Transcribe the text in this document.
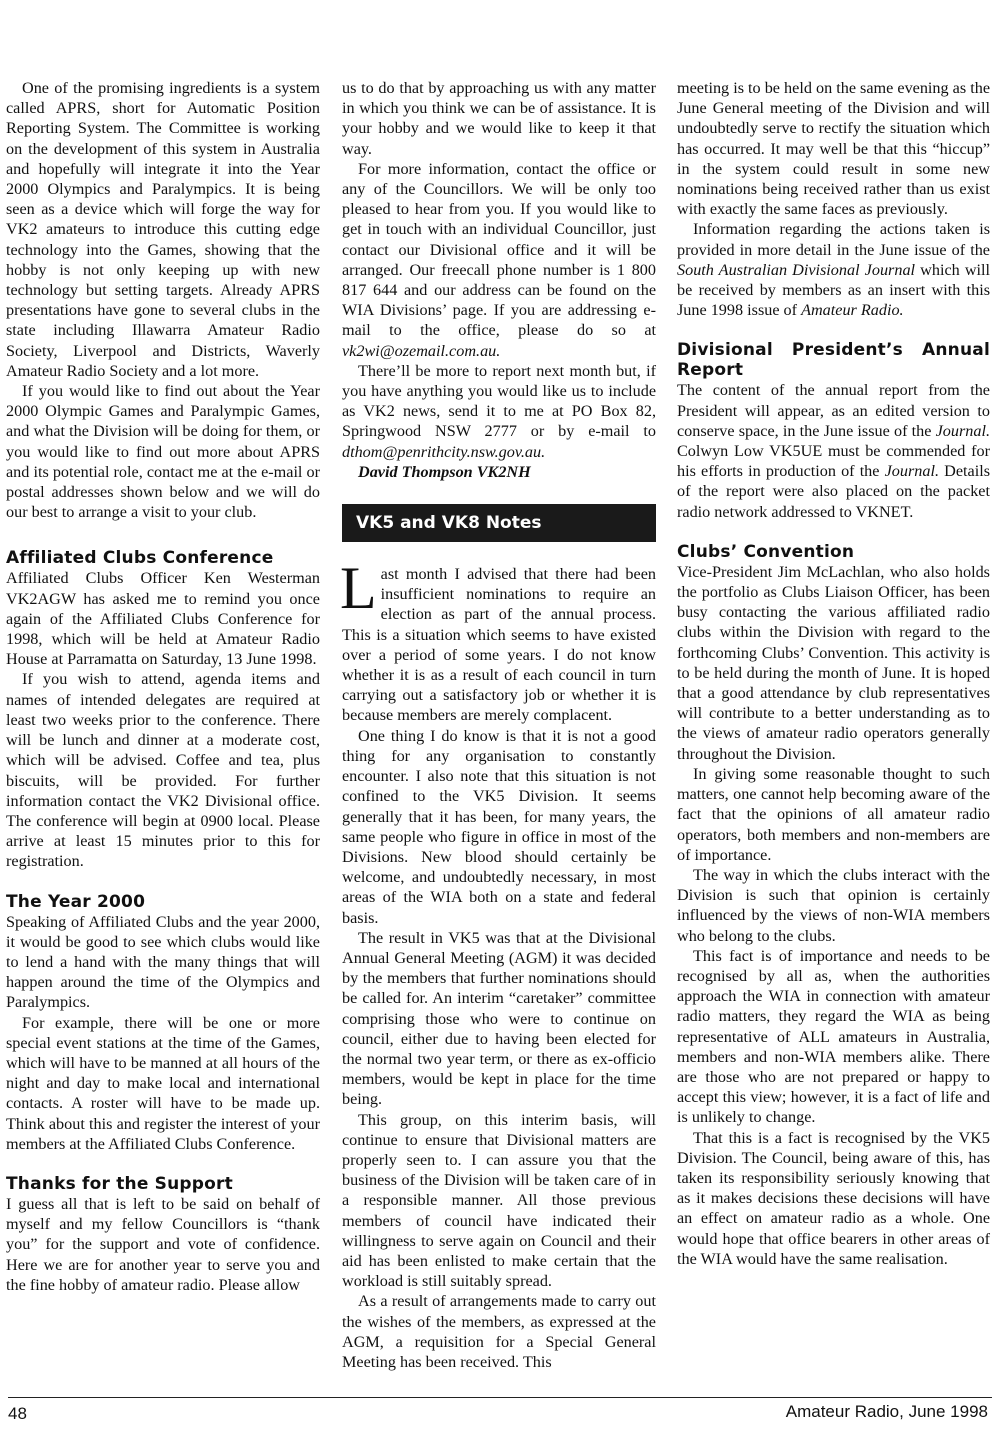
One of the promising ingredients is a system called APRS, short for Automatic Position Reporting System. The Committee is working on the development of this system in Australia and hopefully will integrate it into the Year 2000 Olympics and Paralympics. It is being seen as a device which will forge the way for VK2 amateurs to introduce this cutting edge technology into the Games, showing that the hobby is not only keeping up with new technology but setting targets. Already APRS presentations have gone to several clubs in the state including Illawarra Amateur Radio Society, Liverpool and Districts, Waverly Amateur Radio Society and a lot more.

If you would like to find out about the Year 2000 Olympic Games and Paralympic Games, and what the Division will be doing for them, or you would like to find out more about APRS and its potential role, contact me at the e-mail or postal addresses shown below and we will do our best to arrange a visit to your club.

Affiliated Clubs Conference

Affiliated Clubs Officer Ken Westerman VK2AGW has asked me to remind you once again of the Affiliated Clubs Conference for 1998, which will be held at Amateur Radio House at Parramatta on Saturday, 13 June 1998.

If you wish to attend, agenda items and names of intended delegates are required at least two weeks prior to the conference. There will be lunch and dinner at a moderate cost, which will be advised. Coffee and tea, plus biscuits, will be provided. For further information contact the VK2 Divisional office. The conference will begin at 0900 local. Please arrive at least 15 minutes prior to this for registration.

The Year 2000

Speaking of Affiliated Clubs and the year 2000, it would be good to see which clubs would like to lend a hand with the many things that will happen around the time of the Olympics and Paralympics.

For example, there will be one or more special event stations at the time of the Games, which will have to be manned at all hours of the night and day to make local and international contacts. A roster will have to be made up. Think about this and register the interest of your members at the Affiliated Clubs Conference.

Thanks for the Support

I guess all that is left to be said on behalf of myself and my fellow Councillors is “thank you” for the support and vote of confidence. Here we are for another year to serve you and the fine hobby of amateur radio. Please allow

us to do that by approaching us with any matter in which you think we can be of assistance. It is your hobby and we would like to keep it that way.

For more information, contact the office or any of the Councillors. We will be only too pleased to hear from you. If you would like to get in touch with an individual Councillor, just contact our Divisional office and it will be arranged. Our freecall phone number is 1 800 817 644 and our address can be found on the WIA Divisions’ page. If you are addressing e-mail to the office, please do so at vk2wi@ozemail.com.au.

There’ll be more to report next month but, if you have anything you would like us to include as VK2 news, send it to me at PO Box 82, Springwood NSW 2777 or by e-mail to dthom@penrithcity.nsw.gov.au.

David Thompson VK2NH

VK5 and VK8 Notes

Last month I advised that there had been insufficient nominations to require an election as part of the annual process. This is a situation which seems to have existed over a period of some years. I do not know whether it is as a result of each council in turn carrying out a satisfactory job or whether it is because members are merely complacent.

One thing I do know is that it is not a good thing for any organisation to constantly encounter. I also note that this situation is not confined to the VK5 Division. It seems generally that it has been, for many years, the same people who figure in office in most of the Divisions. New blood should certainly be welcome, and undoubtedly necessary, in most areas of the WIA both on a state and federal basis.

The result in VK5 was that at the Divisional Annual General Meeting (AGM) it was decided by the members that further nominations should be called for. An interim “caretaker” committee comprising those who were to continue on council, either due to having been elected for the normal two year term, or there as ex-officio members, would be kept in place for the time being.

This group, on this interim basis, will continue to ensure that Divisional matters are properly seen to. I can assure you that the business of the Division will be taken care of in a responsible manner. All those previous members of council have indicated their willingness to serve again on Council and their aid has been enlisted to make certain that the workload is still suitably spread.

As a result of arrangements made to carry out the wishes of the members, as expressed at the AGM, a requisition for a Special General Meeting has been received. This

meeting is to be held on the same evening as the June General meeting of the Division and will undoubtedly serve to rectify the situation which has occurred. It may well be that this “hiccup” in the system could result in some new nominations being received rather than us exist with exactly the same faces as previously.

Information regarding the actions taken is provided in more detail in the June issue of the South Australian Divisional Journal which will be received by members as an insert with this June 1998 issue of Amateur Radio.

Divisional President’s Annual Report

The content of the annual report from the President will appear, as an edited version to conserve space, in the June issue of the Journal. Colwyn Low VK5UE must be commended for his efforts in production of the Journal. Details of the report were also placed on the packet radio network addressed to VKNET.

Clubs’ Convention

Vice-President Jim McLachlan, who also holds the portfolio as Clubs Liaison Officer, has been busy contacting the various affiliated radio clubs within the Division with regard to the forthcoming Clubs’ Convention. This activity is to be held during the month of June. It is hoped that a good attendance by club representatives will contribute to a better understanding as to the views of amateur radio operators generally throughout the Division.

In giving some reasonable thought to such matters, one cannot help becoming aware of the fact that the opinions of all amateur radio operators, both members and non-members are of importance.

The way in which the clubs interact with the Division is such that opinion is certainly influenced by the views of non-WIA members who belong to the clubs.

This fact is of importance and needs to be recognised by all as, when the authorities approach the WIA in connection with amateur radio matters, they regard the WIA as being representative of ALL amateurs in Australia, members and non-WIA members alike. There are those who are not prepared or happy to accept this view; however, it is a fact of life and is unlikely to change.

That this is a fact is recognised by the VK5 Division. The Council, being aware of this, has taken its responsibility seriously knowing that as it makes decisions these decisions will have an effect on amateur radio as a whole. One would hope that office bearers in other areas of the WIA would have the same realisation.

48	Amateur Radio, June 1998
